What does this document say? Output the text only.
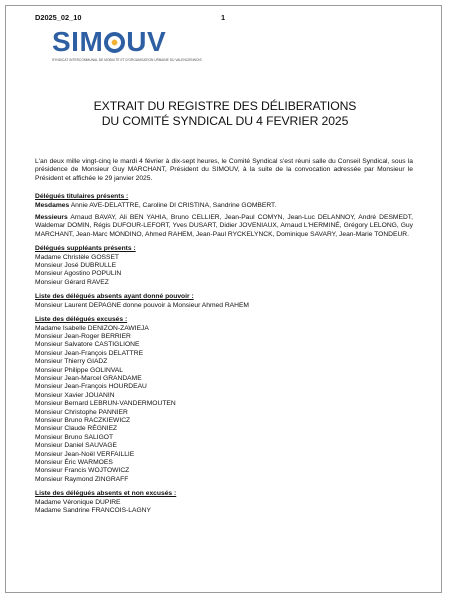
D2025_02_10	1
SIM UV
SYNDICAT INTERCOMMUNAL DE MOBILITÉ ET D'ORGANISATION URBAINE DU VALENCIENNOIS
EXTRAIT DU REGISTRE DES DÉLIBERATIONS
DU COMITÉ SYNDICAL DU 4 FEVRIER 2025

L'an deux mille vingt-cinq le mardi 4 février à dix-sept heures, le Comité Syndical s'est réuni salle du Conseil Syndical, sous la présidence de Monsieur Guy MARCHANT, Président du SIMOUV, à la suite de la convocation adressée par Monsieur le Président et affichée le 29 janvier 2025.

Délégués titulaires présents :

Mesdames Annie AVE-DELATTRE, Caroline DI CRISTINA, Sandrine GOMBERT.

Messieurs Arnaud BAVAY, Ali BEN YAHIA, Bruno CELLIER, Jean-Paul COMYN, Jean-Luc DELANNOY, André DESMEDT, Waldemar DOMIN, Régis DUFOUR-LEFORT, Yves DUSART, Didier JOVENIAUX, Arnaud L'HERMINÉ, Grégory LELONG, Guy MARCHANT, Jean-Marc MONDINO, Ahmed RAHEM, Jean-Paul RYCKELYNCK, Dominique SAVARY, Jean-Marie TONDEUR.

Délégués suppléants présents :

Madame Christèle GOSSET

Monsieur José DUBRULLE

Monsieur Agostino POPULIN

Monsieur Gérard RAVEZ

Liste des délégués absents ayant donné pouvoir :

Monsieur Laurent DEPAGNE donne pouvoir à Monsieur Ahmed RAHEM

Liste des délégués excusés :

Madame Isabelle DENIZON-ZAWIEJA

Monsieur Jean-Roger BERRIER

Monsieur Salvatore CASTIGLIONE

Monsieur Jean-François DELATTRE

Monsieur Thierry GIADZ

Monsieur Philippe GOLINVAL

Monsieur Jean-Marcel GRANDAME

Monsieur Jean-François HOURDEAU

Monsieur Xavier JOUANIN

Monsieur Bernard LEBRUN-VANDERMOUTEN

Monsieur Christophe PANNIER

Monsieur Bruno RACZKIEWICZ

Monsieur Claude RÉGNIEZ

Monsieur Bruno SALIGOT

Monsieur Daniel SAUVAGE

Monsieur Jean-Noël VERFAILLIE

Monsieur Éric WARMOES

Monsieur Francis WOJTOWICZ

Monsieur Raymond ZINGRAFF

Liste des délégués absents et non excusés :

Madame Véronique DUPIRE

Madame Sandrine FRANCOIS-LAGNY
